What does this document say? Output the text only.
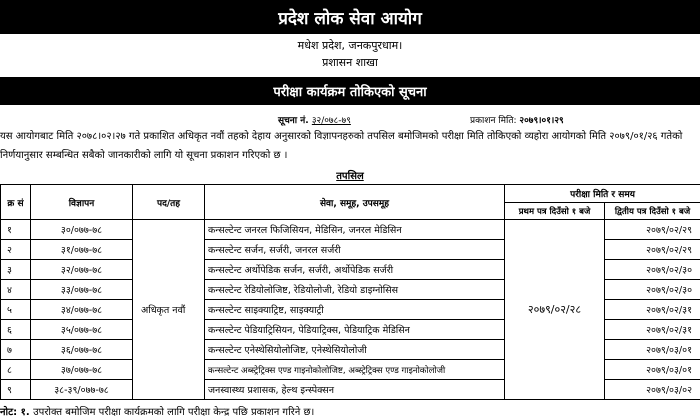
प्रदेश लोक सेवा आयोग
मधेश प्रदेश, जनकपुरधाम।
प्रशासन शाखा
परीक्षा कार्यक्रम तोकिएको सूचना
सूचना नं. ३२/०७८-७९	प्रकाशन मिति: २०७९।०१।२९
यस आयोगबाट मिति २०७८।०२।२७ गते प्रकाशित अधिकृत नवौं तहको देहाय अनुसारको विज्ञापनहरुको तपसिल बमोजिमको परीक्षा मिति तोकिएको व्यहोरा आयोगको मिति २०७९/०१/२६ गतेको निर्णयानुसार सम्बन्धित सबैको जानकारीको लागि यो सूचना प्रकाशन गरिएको छ ।
तपसिल
क्र सं	विज्ञापन	पद/तह	सेवा, समूह, उपसमूह	परीक्षा मिति र समय	
				प्रथम पत्र दिउँसो १ बजे	द्वितीय पत्र दिउँसो १ बजे
१	३०/०७७-७८	अधिकृत नवौं	कन्सल्टेन्ट जनरल फिजिसियन, मेडिसिन, जनरल मेडिसिन	२०७९/०२/२८	२०७९/०२/२९
२	३१/०७७-७८		कन्सल्टेन्ट सर्जन, सर्जरी, जनरल सर्जरी		२०७९/०२/२९
३	३२/०७७-७८		कन्सल्टेन्ट अर्थोपेडिक सर्जन, सर्जरी, अर्थोपेडिक सर्जरी		२०७९/०२/३०
४	३३/०७७-७८		कन्सल्टेन्ट रेडियोलोजिष्ट, रेडियोलोजी, रेडियो डाइग्नोसिस		२०७९/०२/३०
५	३४/०७७-७८		कन्सल्टेन्ट साइक्याट्रिष्ट, साइक्याट्री		२०७९/०२/३१
६	३५/०७७-७८		कन्सल्टेन्ट पेडियाट्रिसियन, पेडियाट्रिक्स, पेडियाट्रिक मेडिसिन		२०७९/०२/३१
७	३६/०७७-७८		कन्सल्टेन्ट एनेस्थेसियोलोजिष्ट, एनेस्थेसियोलोजी		२०७९/०३/०१
८	३७/०७७-७८		कन्सल्टेन्ट अब्स्ट्रेट्रिक्स एण्ड गाइनोकोलोजिष्ट, अब्स्ट्रेट्रिक्स एण्ड गाइनोकोलोजी		२०७९/०३/०१
९	३८-३९/०७७-७८		जनस्वास्थ्य प्रशासक, हेल्थ इन्स्पेक्सन		२०७९/०३/०२
नोट: १. उपरोक्त बमोजिम परीक्षा कार्यक्रमको लागि परीक्षा केन्द्र पछि प्रकाशन गरिने छ।
